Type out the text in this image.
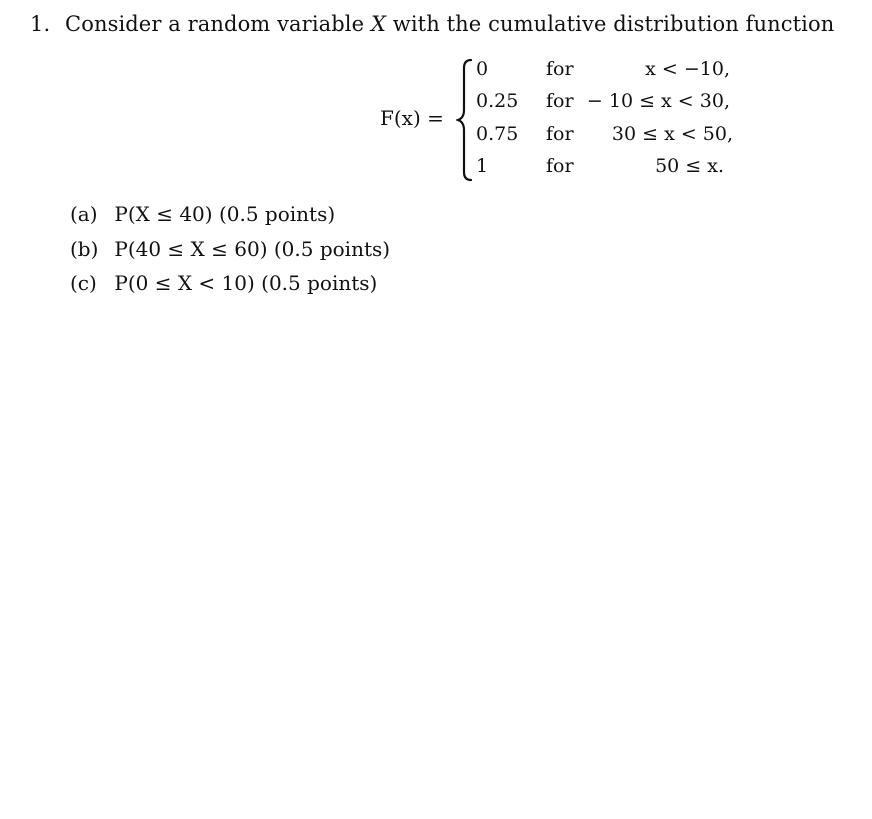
1. Consider a random variable X with the cumulative distribution function
F(x) =
0	for	x < −10,
0.25 for − 10 ≤ x < 30,
0.75 for	30 ≤ x < 50,
1	for	50 ≤ x.
(a) P(X ≤ 40) (0.5 points)
(b) P(40 ≤ X ≤ 60) (0.5 points)
(c) P(0 ≤ X < 10) (0.5 points)
